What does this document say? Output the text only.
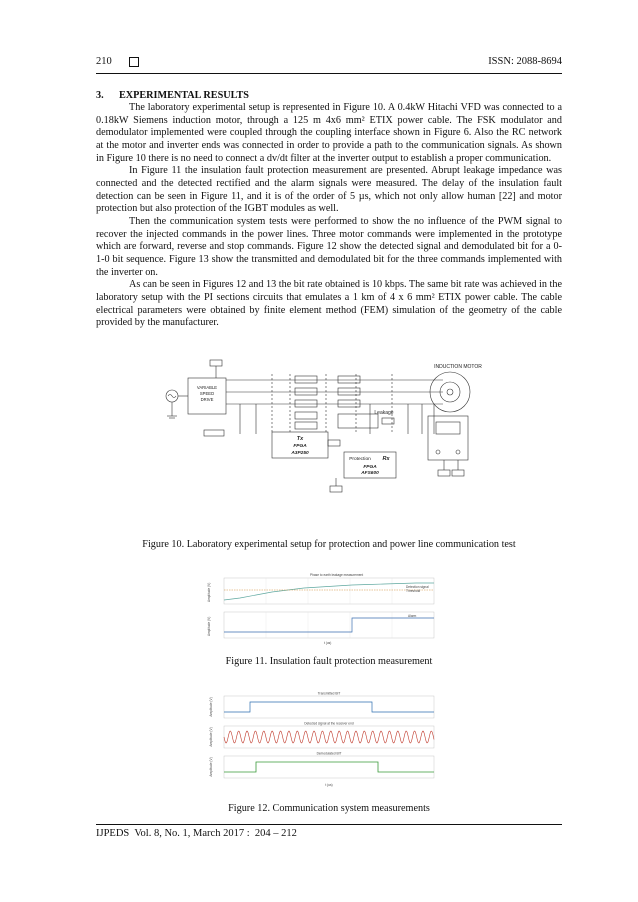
210	ISSN: 2088-8694
3. EXPERIMENTAL RESULTS

The laboratory experimental setup is represented in Figure 10. A 0.4kW Hitachi VFD was connected to a 0.18kW Siemens induction motor, through a 125 m 4x6 mm² ETIX power cable. The FSK modulator and demodulator implemented were coupled through the coupling interface shown in Figure 6. Also the RC network at the motor and inverter ends was connected in order to provide a path to the communication signals. As shown in Figure 10 there is no need to connect a dv/dt filter at the inverter output to establish a proper communication.

In Figure 11 the insulation fault protection measurement are presented. Abrupt leakage impedance was connected and the detected rectified and the alarm signals were measured. The delay of the insulation fault detection can be seen in Figure 11, and it is of the order of 5 µs, which not only allow human [22] and motor protection but also protection of the IGBT modules as well.

Then the communication system tests were performed to show the no influence of the PWM signal to recover the injected commands in the power lines. Three motor commands were implemented in the prototype which are forward, reverse and stop commands. Figure 12 show the detected signal and demodulated bit for a 0-1-0 bit sequence. Figure 13 show the transmitted and demodulated bit for the three commands implemented with the inverter on.

As can be seen in Figures 12 and 13 the bit rate obtained is 10 kbps. The same bit rate was achieved in the laboratory setup with the PI sections circuits that emulates a 1 km of 4 x 6 mm² ETIX power cable. The cable electrical parameters were obtained by finite element method (FEM) simulation of the geometry of the cable provided by the manufacturer.

VARIABLE
SPEED
DRIVE
INDUCTION MOTOR
Leakage
Tx
FPGA
A3P250
Protection Rx
FPGA
AFS600
Figure 10. Laboratory experimental setup for protection and power line communication test
Phase to earth leakage measurement
Detection signal
Threshold
Alarm
t (us)
Amplitude (V)
Amplitude (V)
Figure 11. Insulation fault protection measurement
Transmitted BIT
Detected signal at the receiver end
Demodulated BIT
t (us)
Amplitude (V)
Amplitude (V)
Amplitude (V)
Figure 12. Communication system measurements
IJPEDS Vol. 8, No. 1, March 2017 : 204 – 212
